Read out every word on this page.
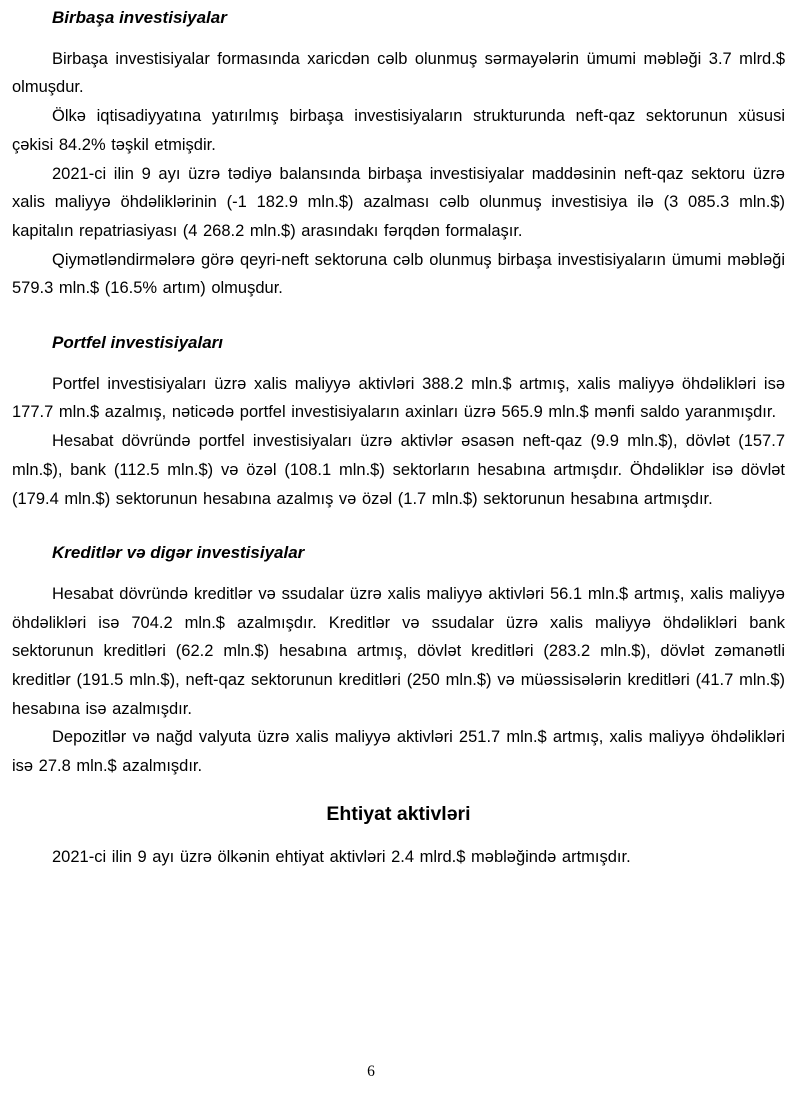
Birbaşa investisiyalar

Birbaşa investisiyalar formasında xaricdən cəlb olunmuş sərmayələrin ümumi məbləği 3.7 mlrd.$ olmuşdur.

Ölkə iqtisadiyyatına yatırılmış birbaşa investisiyaların strukturunda neft-qaz sektorunun xüsusi çəkisi 84.2% təşkil etmişdir.

2021-ci ilin 9 ayı üzrə tədiyə balansında birbaşa investisiyalar maddəsinin neft-qaz sektoru üzrə xalis maliyyə öhdəliklərinin (-1 182.9 mln.$) azalması cəlb olunmuş investisiya ilə (3 085.3 mln.$) kapitalın repatriasiyası (4 268.2 mln.$) arasındakı fərqdən formalaşır.

Qiymətləndirmələrə görə qeyri-neft sektoruna cəlb olunmuş birbaşa investisiyaların ümumi məbləği 579.3 mln.$ (16.5% artım) olmuşdur.

Portfel investisiyaları

Portfel investisiyaları üzrə xalis maliyyə aktivləri 388.2 mln.$ artmış, xalis maliyyə öhdəlikləri isə 177.7 mln.$ azalmış, nəticədə portfel investisiyaların axinları üzrə 565.9 mln.$ mənfi saldo yaranmışdır.

Hesabat dövründə portfel investisiyaları üzrə aktivlər əsasən neft-qaz (9.9 mln.$), dövlət (157.7 mln.$), bank (112.5 mln.$) və özəl (108.1 mln.$) sektorların hesabına artmışdır. Öhdəliklər isə dövlət (179.4 mln.$) sektorunun hesabına azalmış və özəl (1.7 mln.$) sektorunun hesabına artmışdır.

Kreditlər və digər investisiyalar

Hesabat dövründə kreditlər və ssudalar üzrə xalis maliyyə aktivləri 56.1 mln.$ artmış, xalis maliyyə öhdəlikləri isə 704.2 mln.$ azalmışdır. Kreditlər və ssudalar üzrə xalis maliyyə öhdəlikləri bank sektorunun kreditləri (62.2 mln.$) hesabına artmış, dövlət kreditləri (283.2 mln.$), dövlət zəmanətli kreditlər (191.5 mln.$), neft-qaz sektorunun kreditləri (250 mln.$) və müəssisələrin kreditləri (41.7 mln.$) hesabına isə azalmışdır.

Depozitlər və nağd valyuta üzrə xalis maliyyə aktivləri 251.7 mln.$ artmış, xalis maliyyə öhdəlikləri isə 27.8 mln.$ azalmışdır.

Ehtiyat aktivləri

2021-ci ilin 9 ayı üzrə ölkənin ehtiyat aktivləri 2.4 mlrd.$ məbləğində artmışdır.

6
